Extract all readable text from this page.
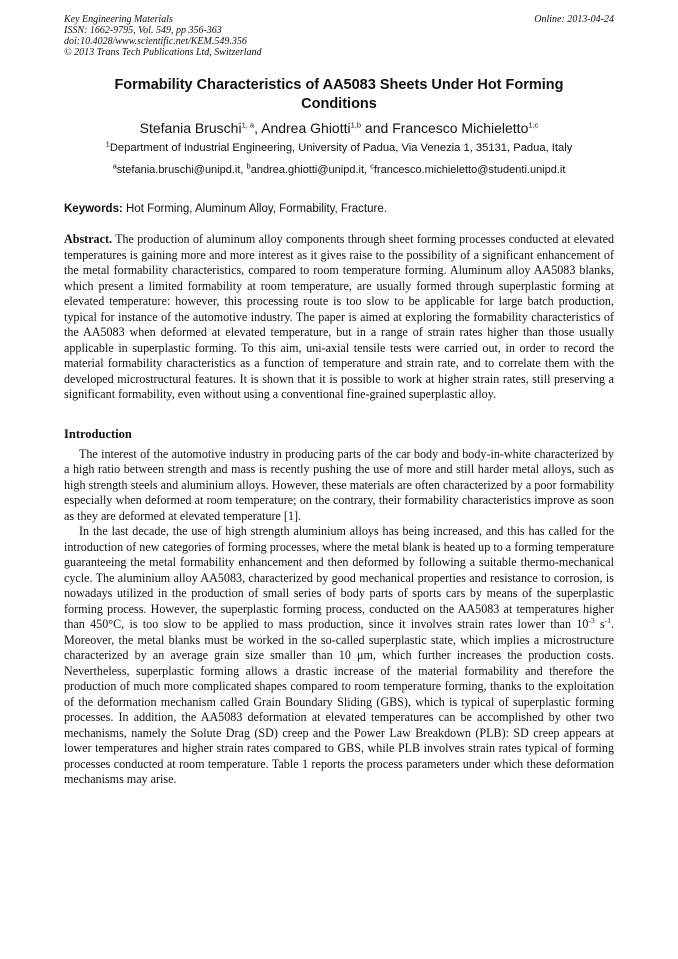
Key Engineering Materials
ISSN: 1662-9795, Vol. 549, pp 356-363
doi:10.4028/www.scientific.net/KEM.549.356
© 2013 Trans Tech Publications Ltd, Switzerland
Online: 2013-04-24
Formability Characteristics of AA5083 Sheets Under Hot Forming Conditions
Stefania Bruschi$^{1, a}$, Andrea Ghiotti$^{1,b}$ and Francesco Michieletto$^{1,c}$
$^1$Department of Industrial Engineering, University of Padua, Via Venezia 1, 35131, Padua, Italy
$^a$stefania.bruschi@unipd.it, $^b$andrea.ghiotti@unipd.it, $^c$francesco.michieletto@studenti.unipd.it
Keywords: Hot Forming, Aluminum Alloy, Formability, Fracture.
Abstract. The production of aluminum alloy components through sheet forming processes conducted at elevated temperatures is gaining more and more interest as it gives raise to the possibility of a significant enhancement of the metal formability characteristics, compared to room temperature forming. Aluminum alloy AA5083 blanks, which present a limited formability at room temperature, are usually formed through superplastic forming at elevated temperature: however, this processing route is too slow to be applicable for large batch production, typical for instance of the automotive industry. The paper is aimed at exploring the formability characteristics of the AA5083 when deformed at elevated temperature, but in a range of strain rates higher than those usually applicable in superplastic forming. To this aim, uni-axial tensile tests were carried out, in order to record the material formability characteristics as a function of temperature and strain rate, and to correlate them with the developed microstructural features. It is shown that it is possible to work at higher strain rates, still preserving a significant formability, even without using a conventional fine-grained superplastic alloy.
Introduction
The interest of the automotive industry in producing parts of the car body and body-in-white characterized by a high ratio between strength and mass is recently pushing the use of more and still harder metal alloys, such as high strength steels and aluminium alloys. However, these materials are often characterized by a poor formability especially when deformed at room temperature; on the contrary, their formability characteristics improve as soon as they are deformed at elevated temperature [1].
In the last decade, the use of high strength aluminium alloys has being increased, and this has called for the introduction of new categories of forming processes, where the metal blank is heated up to a forming temperature guaranteeing the metal formability enhancement and then deformed by following a suitable thermo-mechanical cycle. The aluminium alloy AA5083, characterized by good mechanical properties and resistance to corrosion, is nowadays utilized in the production of small series of body parts of sports cars by means of the superplastic forming process. However, the superplastic forming process, conducted on the AA5083 at temperatures higher than 450°C, is too slow to be applied to mass production, since it involves strain rates lower than $10^{-3}$ $s^{-1}$. Moreover, the metal blanks must be worked in the so-called superplastic state, which implies a microstructure characterized by an average grain size smaller than 10 μm, which further increases the production costs. Nevertheless, superplastic forming allows a drastic increase of the material formability and therefore the production of much more complicated shapes compared to room temperature forming, thanks to the exploitation of the deformation mechanism called Grain Boundary Sliding (GBS), which is typical of superplastic forming processes. In addition, the AA5083 deformation at elevated temperatures can be accomplished by other two mechanisms, namely the Solute Drag (SD) creep and the Power Law Breakdown (PLB): SD creep appears at lower temperatures and higher strain rates compared to GBS, while PLB involves strain rates typical of forming processes conducted at room temperature. Table 1 reports the process parameters under which these deformation mechanisms may arise.
